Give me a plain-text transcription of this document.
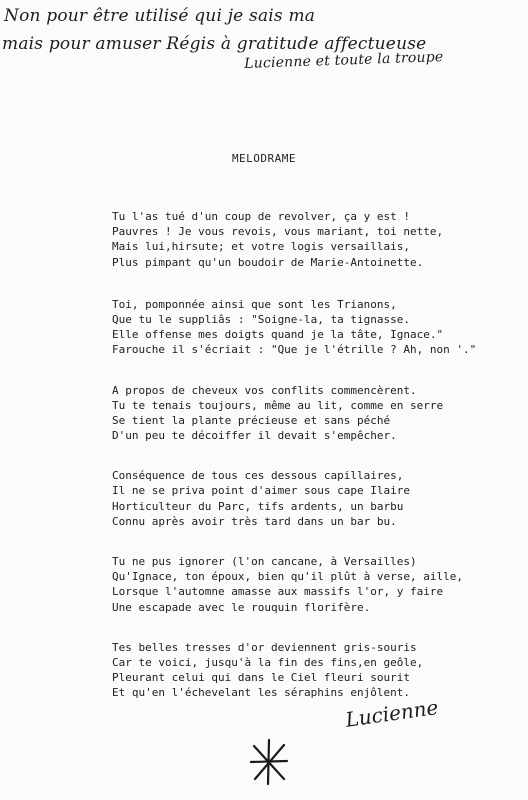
Non pour être utilisé qui je sais ma
mais pour amuser Régis à gratitude affectueuse
Lucienne et toute la troupe
MELODRAME
Tu l'as tué d'un coup de revolver, ça y est !
Pauvres ! Je vous revois, vous mariant, toi nette,
Mais lui,hirsute; et votre logis versaillais,
Plus pimpant qu'un boudoir de Marie-Antoinette.
Toi, pomponnée ainsi que sont les Trianons,
Que tu le suppliâs : "Soigne-la, ta tignasse.
Elle offense mes doigts quand je la tâte, Ignace."
Farouche il s'écriait : "Que je l'étrille ? Ah, non '."
A propos de cheveux vos conflits commencèrent.
Tu te tenais toujours, même au lit, comme en serre
Se tient la plante précieuse et sans péché
D'un peu te décoiffer il devait s'empêcher.
Conséquence de tous ces dessous capillaires,
Il ne se priva point d'aimer sous cape Ilaire
Horticulteur du Parc, tifs ardents, un barbu
Connu après avoir très tard dans un bar bu.
Tu ne pus ignorer (l'on cancane, à Versailles)
Qu'Ignace, ton époux, bien qu'il plût à verse, aille,
Lorsque l'automne amasse aux massifs l'or, y faire
Une escapade avec le rouquin florifère.
Tes belles tresses d'or deviennent gris-souris
Car te voici, jusqu'à la fin des fins,en geôle,
Pleurant celui qui dans le Ciel fleuri sourit
Et qu'en l'échevelant les séraphins enjôlent.
Lucienne
